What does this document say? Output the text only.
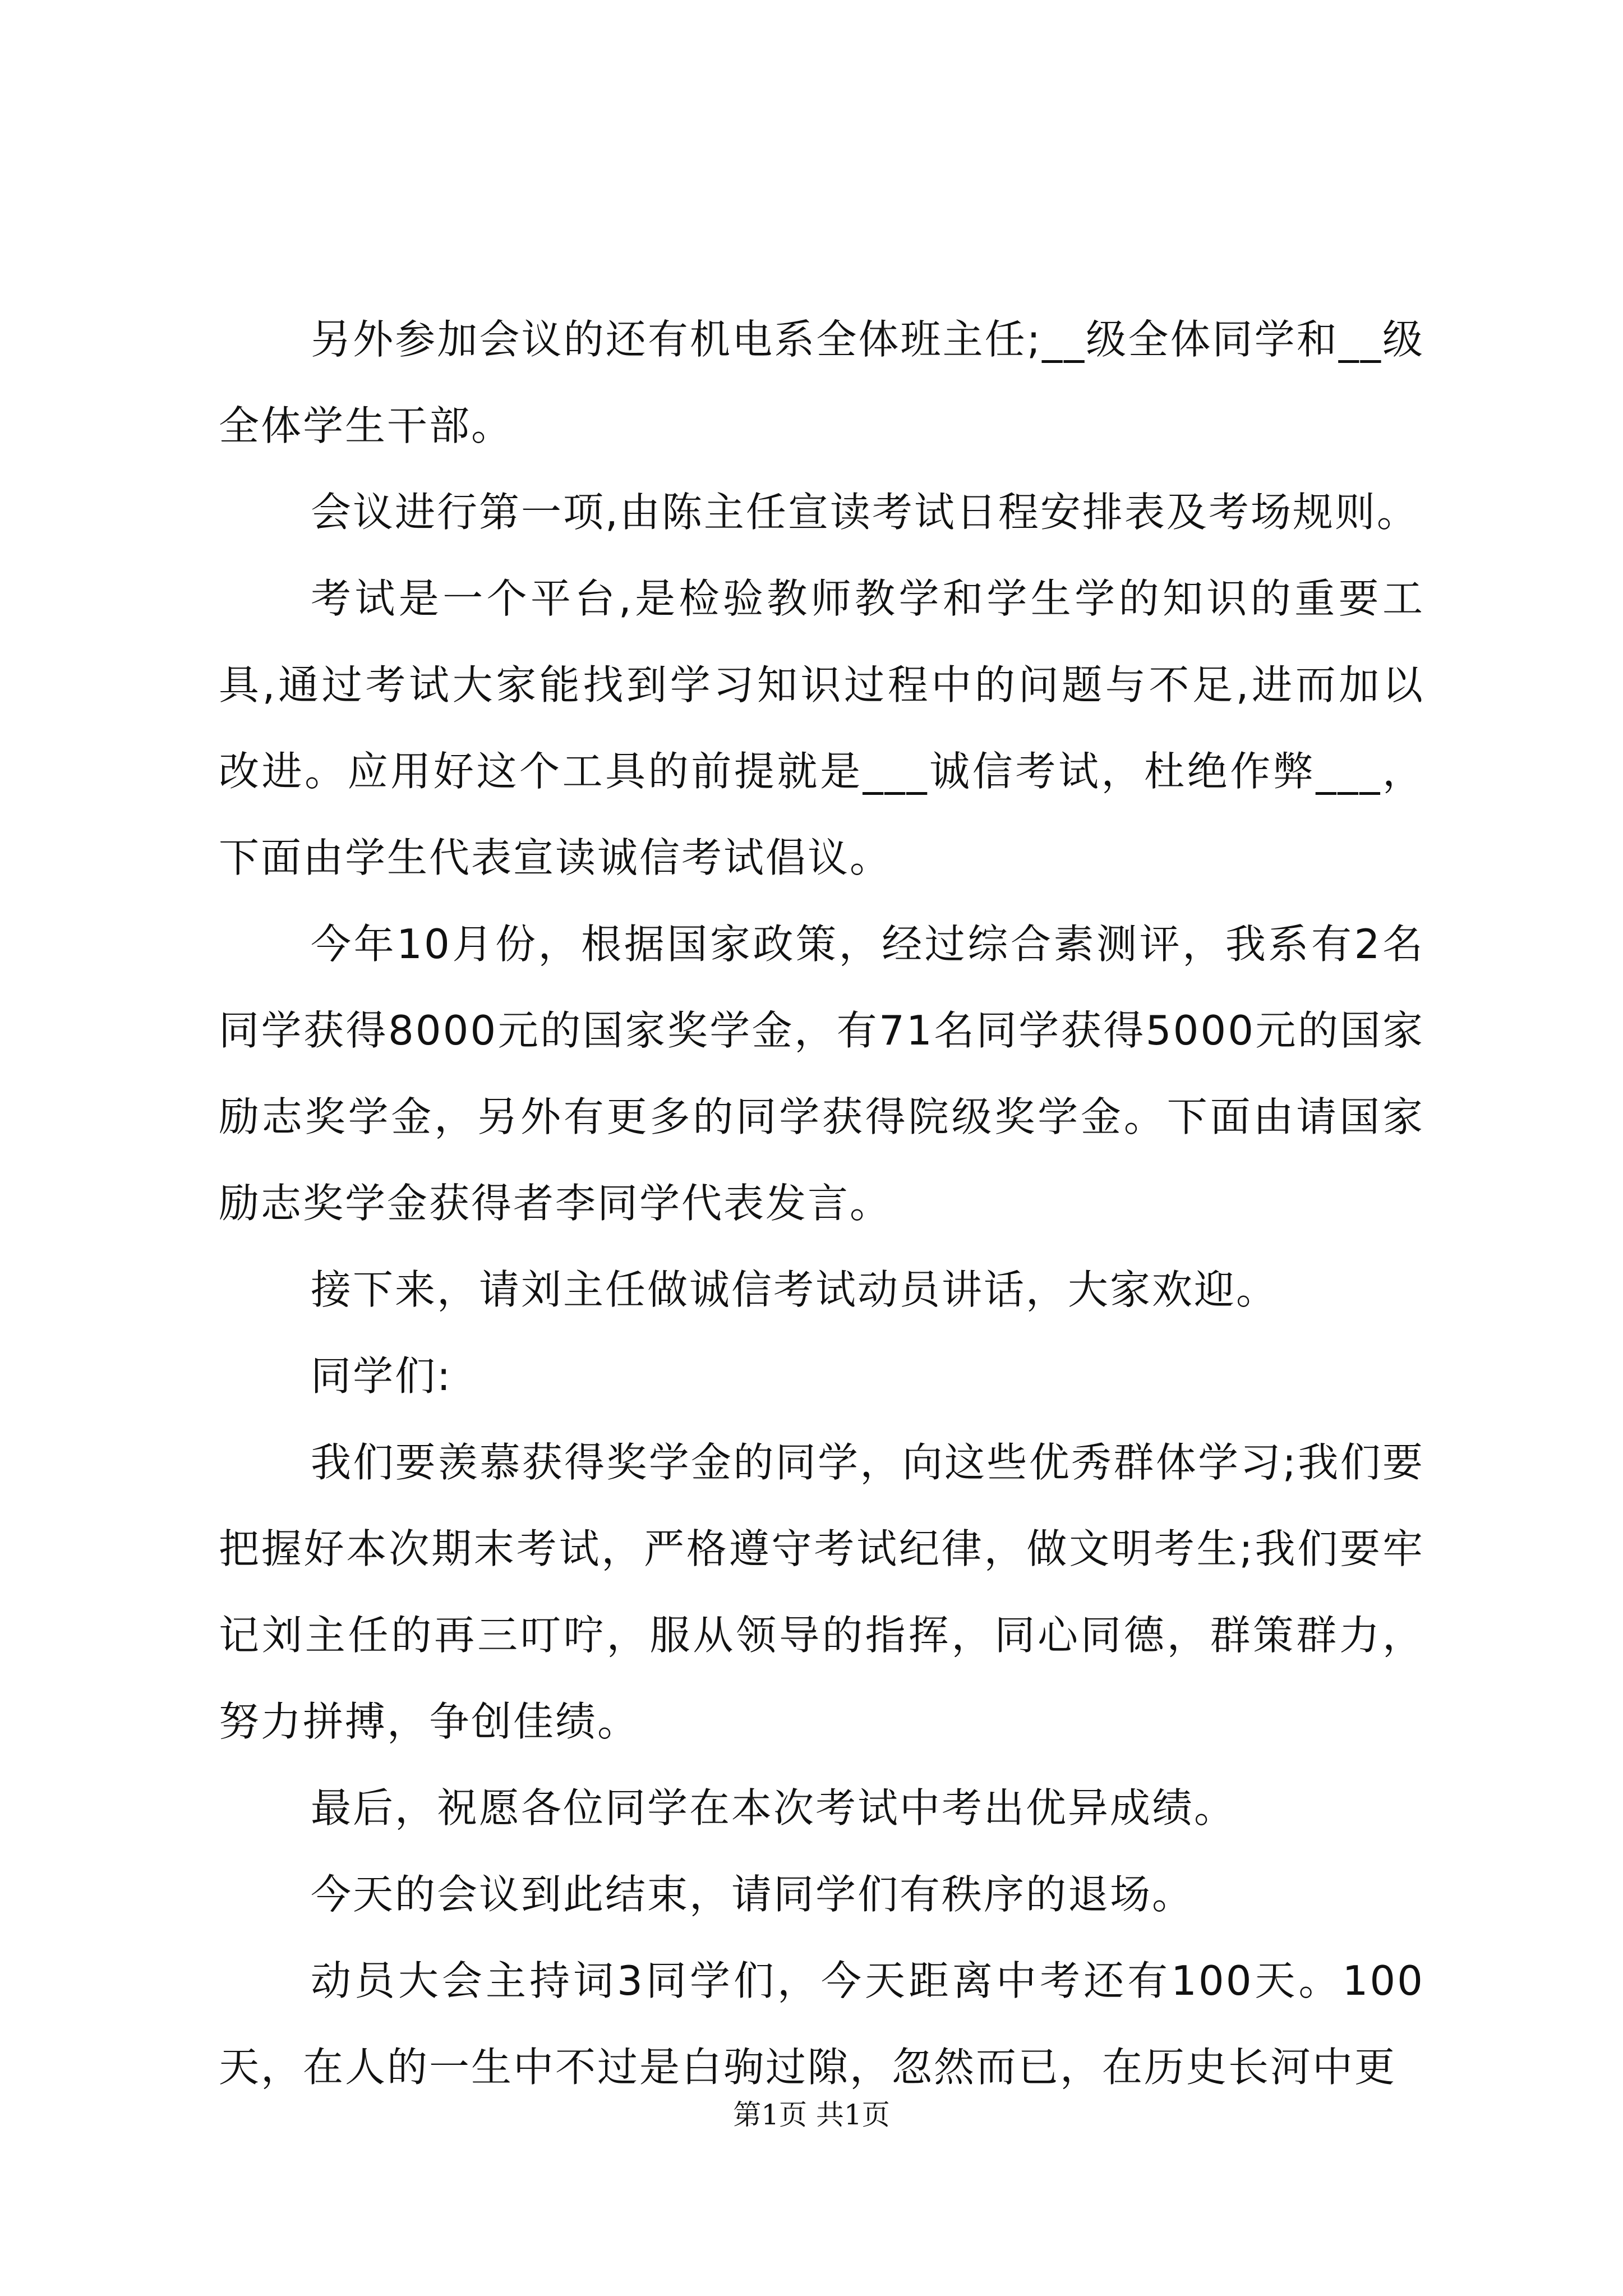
另外参加会议的还有机电系全体班主任;__级全体同学和__级全体学生干部。

会议进行第一项,由陈主任宣读考试日程安排表及考场规则。

考试是一个平台,是检验教师教学和学生学的知识的重要工具,通过考试大家能找到学习知识过程中的问题与不足,进而加以改进。应用好这个工具的前提就是___诚信考试，杜绝作弊___，下面由学生代表宣读诚信考试倡议。

今年10月份，根据国家政策，经过综合素测评，我系有2名同学获得8000元的国家奖学金，有71名同学获得5000元的国家励志奖学金，另外有更多的同学获得院级奖学金。下面由请国家励志奖学金获得者李同学代表发言。

接下来，请刘主任做诚信考试动员讲话，大家欢迎。

同学们:

我们要羡慕获得奖学金的同学，向这些优秀群体学习;我们要把握好本次期末考试，严格遵守考试纪律，做文明考生;我们要牢记刘主任的再三叮咛，服从领导的指挥，同心同德，群策群力，努力拼搏，争创佳绩。

最后，祝愿各位同学在本次考试中考出优异成绩。

今天的会议到此结束，请同学们有秩序的退场。

动员大会主持词3同学们，今天距离中考还有100天。100天，在人的一生中不过是白驹过隙，忽然而已，在历史长河中更

第1页 共1页
